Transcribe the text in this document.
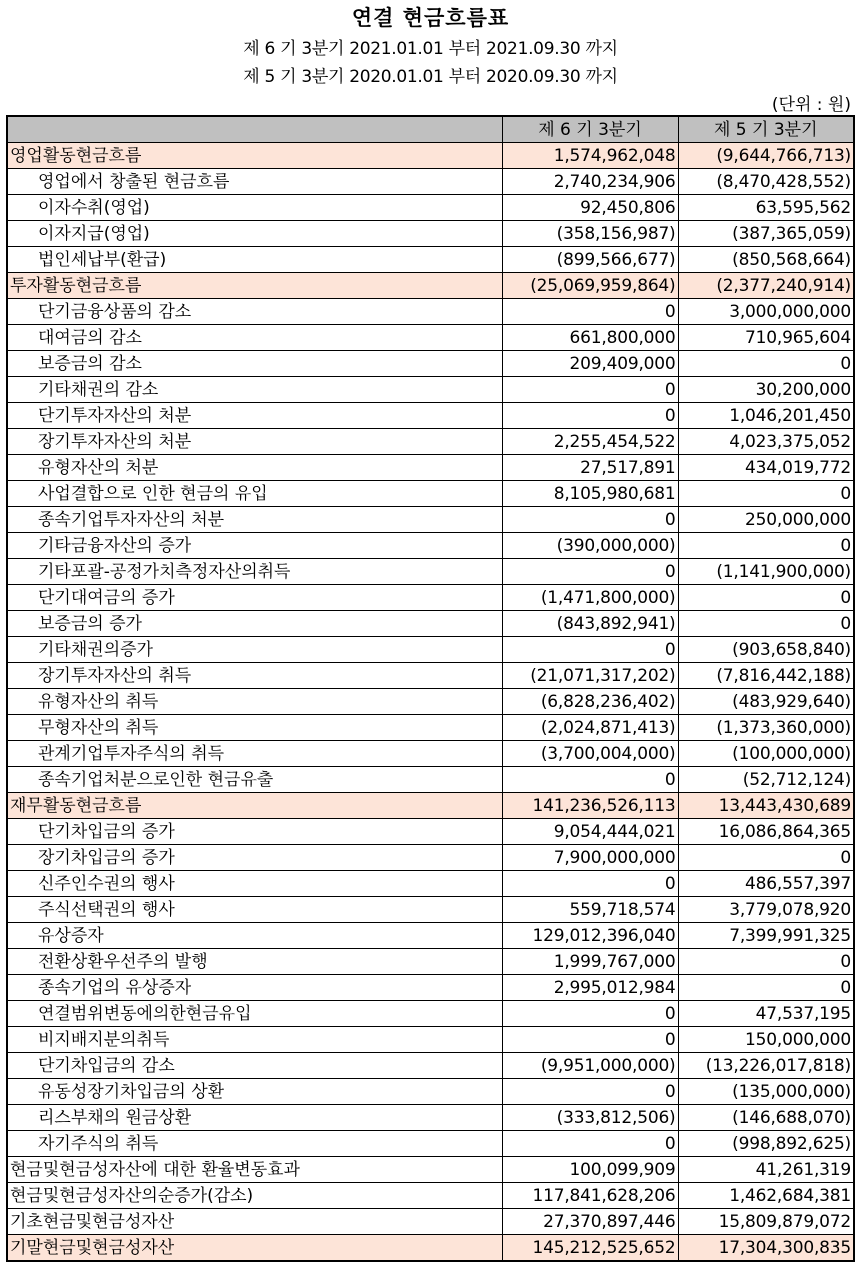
연결 현금흐름표
제 6 기 3분기 2021.01.01 부터 2021.09.30 까지
제 5 기 3분기 2020.01.01 부터 2020.09.30 까지
(단위 : 원)
	제 6 기 3분기	제 5 기 3분기
영업활동현금흐름	1,574,962,048	(9,644,766,713)
영업에서 창출된 현금흐름	2,740,234,906	(8,470,428,552)
이자수취(영업)	92,450,806	63,595,562
이자지급(영업)	(358,156,987)	(387,365,059)
법인세납부(환급)	(899,566,677)	(850,568,664)
투자활동현금흐름	(25,069,959,864)	(2,377,240,914)
단기금융상품의 감소	0	3,000,000,000
대여금의 감소	661,800,000	710,965,604
보증금의 감소	209,409,000	0
기타채권의 감소	0	30,200,000
단기투자자산의 처분	0	1,046,201,450
장기투자자산의 처분	2,255,454,522	4,023,375,052
유형자산의 처분	27,517,891	434,019,772
사업결합으로 인한 현금의 유입	8,105,980,681	0
종속기업투자자산의 처분	0	250,000,000
기타금융자산의 증가	(390,000,000)	0
기타포괄-공정가치측정자산의취득	0	(1,141,900,000)
단기대여금의 증가	(1,471,800,000)	0
보증금의 증가	(843,892,941)	0
기타채권의증가	0	(903,658,840)
장기투자자산의 취득	(21,071,317,202)	(7,816,442,188)
유형자산의 취득	(6,828,236,402)	(483,929,640)
무형자산의 취득	(2,024,871,413)	(1,373,360,000)
관계기업투자주식의 취득	(3,700,004,000)	(100,000,000)
종속기업처분으로인한 현금유출	0	(52,712,124)
재무활동현금흐름	141,236,526,113	13,443,430,689
단기차입금의 증가	9,054,444,021	16,086,864,365
장기차입금의 증가	7,900,000,000	0
신주인수권의 행사	0	486,557,397
주식선택권의 행사	559,718,574	3,779,078,920
유상증자	129,012,396,040	7,399,991,325
전환상환우선주의 발행	1,999,767,000	0
종속기업의 유상증자	2,995,012,984	0
연결범위변동에의한현금유입	0	47,537,195
비지배지분의취득	0	150,000,000
단기차입금의 감소	(9,951,000,000)	(13,226,017,818)
유동성장기차입금의 상환	0	(135,000,000)
리스부채의 원금상환	(333,812,506)	(146,688,070)
자기주식의 취득	0	(998,892,625)
현금및현금성자산에 대한 환율변동효과	100,099,909	41,261,319
현금및현금성자산의순증가(감소)	117,841,628,206	1,462,684,381
기초현금및현금성자산	27,370,897,446	15,809,879,072
기말현금및현금성자산	145,212,525,652	17,304,300,835
